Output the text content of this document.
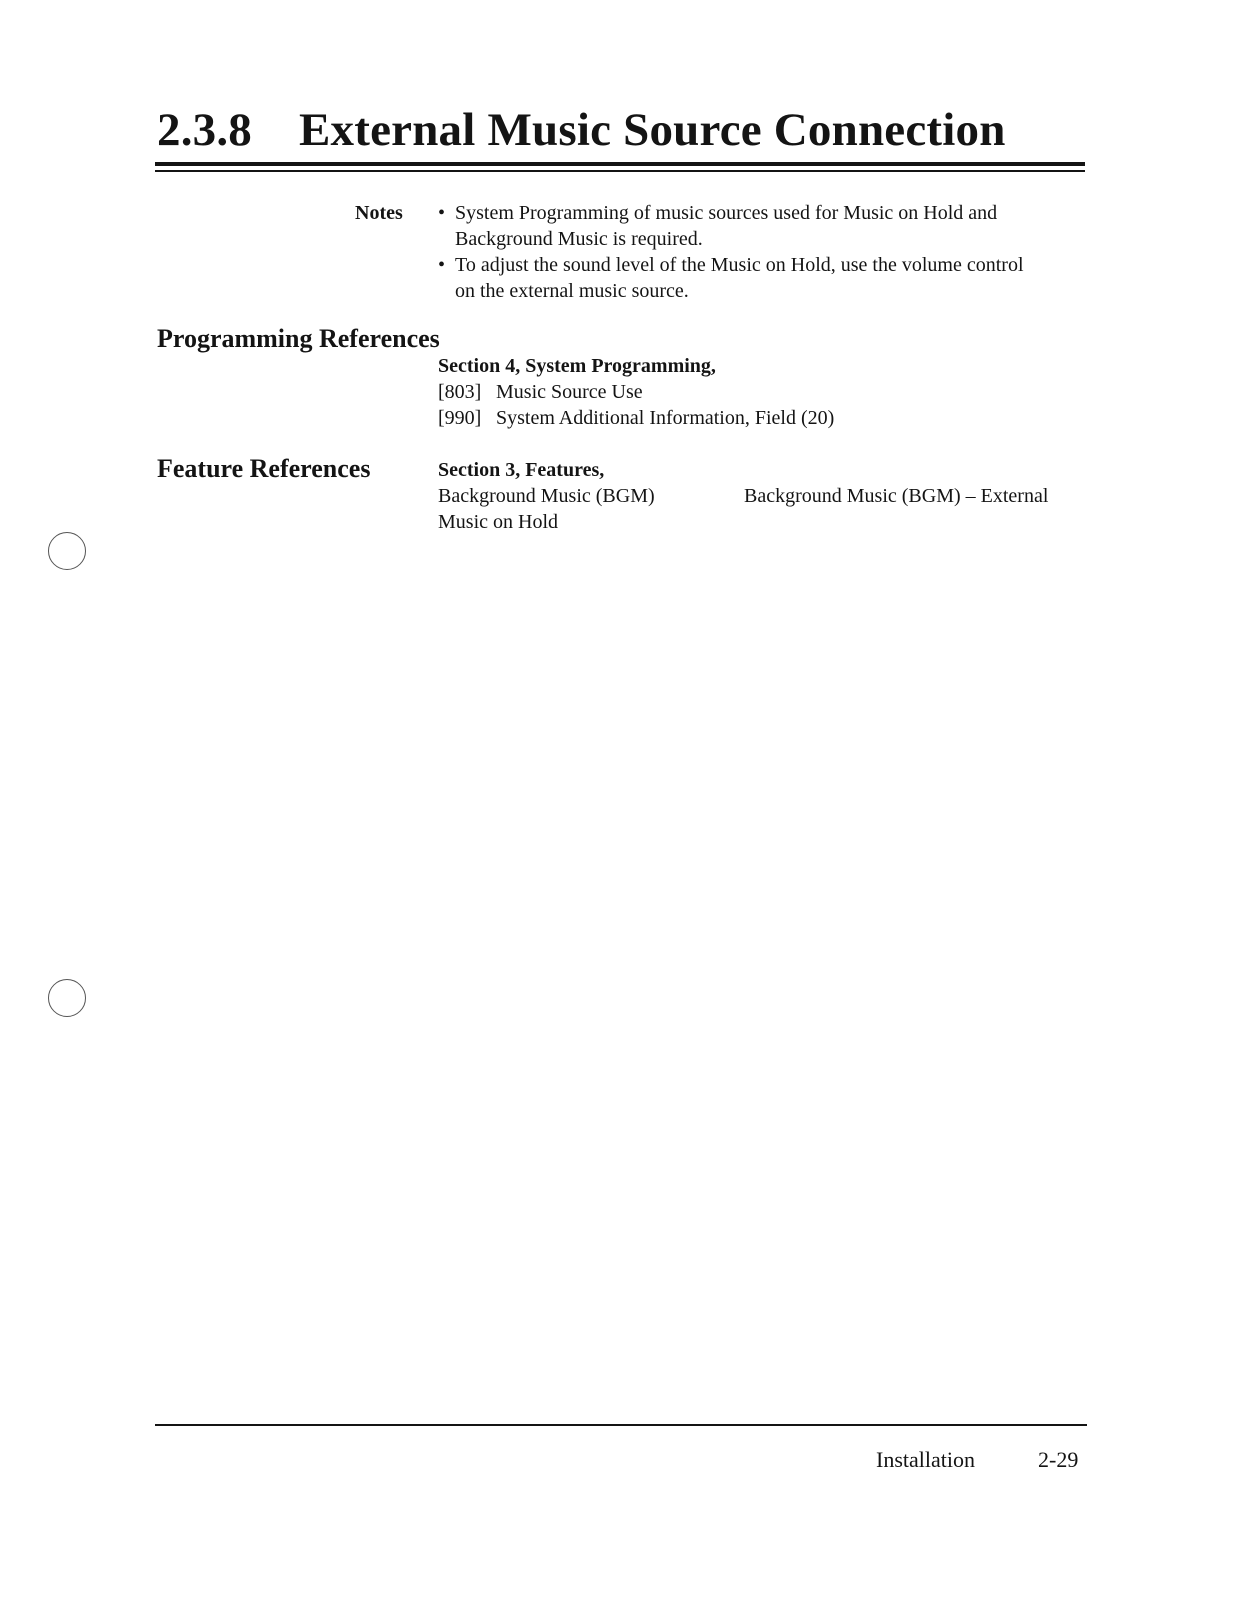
2.3.8 External Music Source Connection
Notes • System Programming of music sources used for Music on Hold and
Background Music is required.
• To adjust the sound level of the Music on Hold, use the volume control
on the external music source.
Programming References
Section 4, System Programming,
[803] Music Source Use
[990] System Additional Information, Field (20)
Feature References	Section 3, Features,
Background Music (BGM)
Music on Hold
Background Music (BGM) – External
Installation	2-29
